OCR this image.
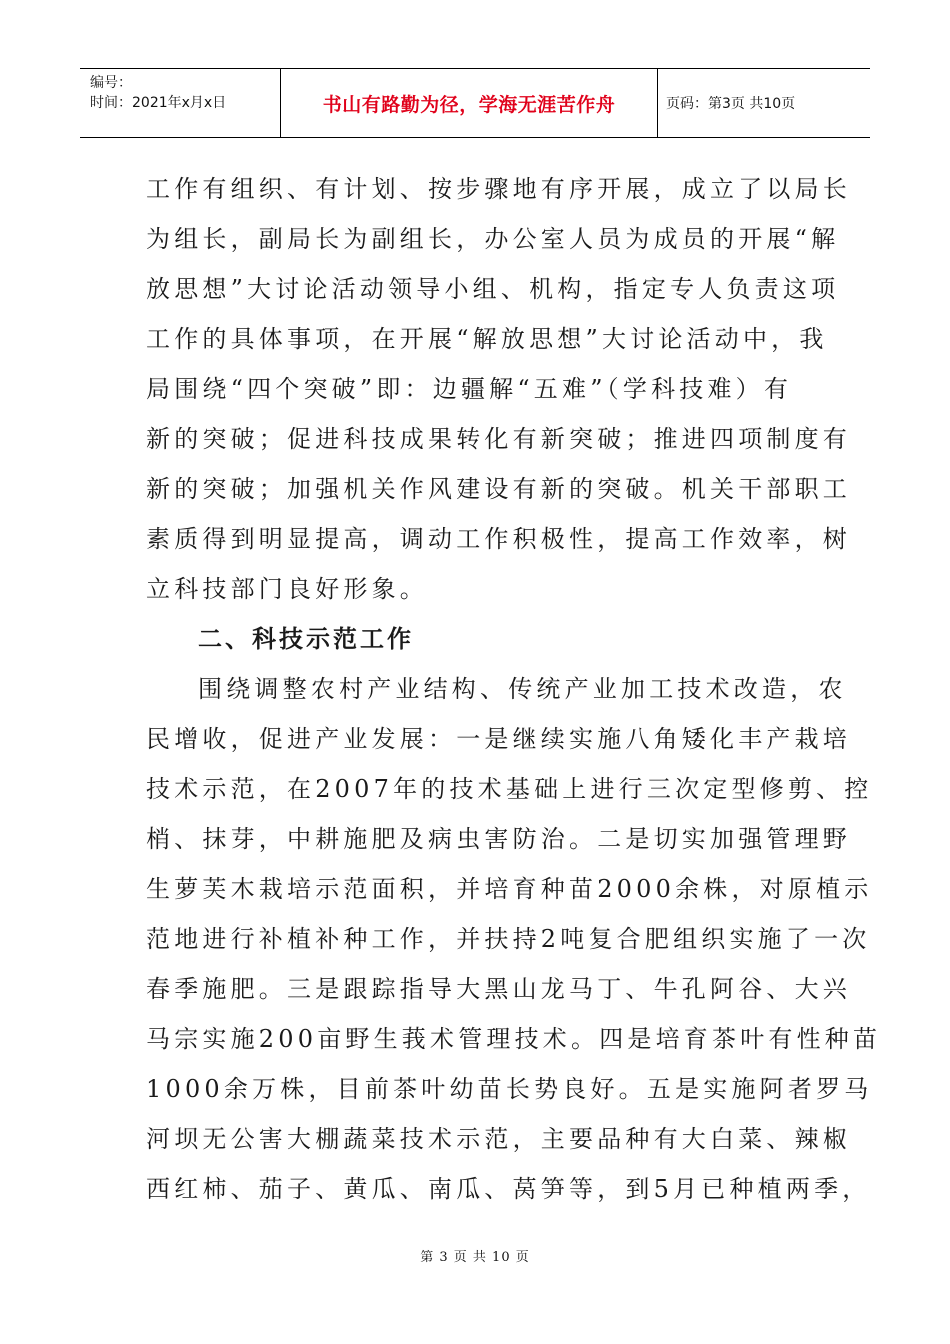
编号：
时间：2021年x月x日	书山有路勤为径，学海无涯苦作舟	页码：第3页 共10页
工作有组织、有计划、按步骤地有序开展，成立了以局长
为组长，副局长为副组长，办公室人员为成员的开展“解
放思想”大讨论活动领导小组、机构，指定专人负责这项
工作的具体事项，在开展“解放思想”大讨论活动中，我
局围绕“四个突破”即：边疆解“五难”（学科技难）有
新的突破；促进科技成果转化有新突破；推进四项制度有
新的突破；加强机关作风建设有新的突破。机关干部职工
素质得到明显提高，调动工作积极性，提高工作效率，树
立科技部门良好形象。
二、科技示范工作
围绕调整农村产业结构、传统产业加工技术改造，农
民增收，促进产业发展：一是继续实施八角矮化丰产栽培
技术示范，在2007年的技术基础上进行三次定型修剪、控
梢、抹芽，中耕施肥及病虫害防治。二是切实加强管理野
生萝芙木栽培示范面积，并培育种苗2000余株，对原植示
范地进行补植补种工作，并扶持2吨复合肥组织实施了一次
春季施肥。三是跟踪指导大黑山龙马丁、牛孔阿谷、大兴
马宗实施200亩野生莪术管理技术。四是培育茶叶有性种苗
1000余万株，目前茶叶幼苗长势良好。五是实施阿者罗马
河坝无公害大棚蔬菜技术示范，主要品种有大白菜、辣椒
西红柿、茄子、黄瓜、南瓜、莴笋等，到5月已种植两季，
第 3 页 共 10 页
